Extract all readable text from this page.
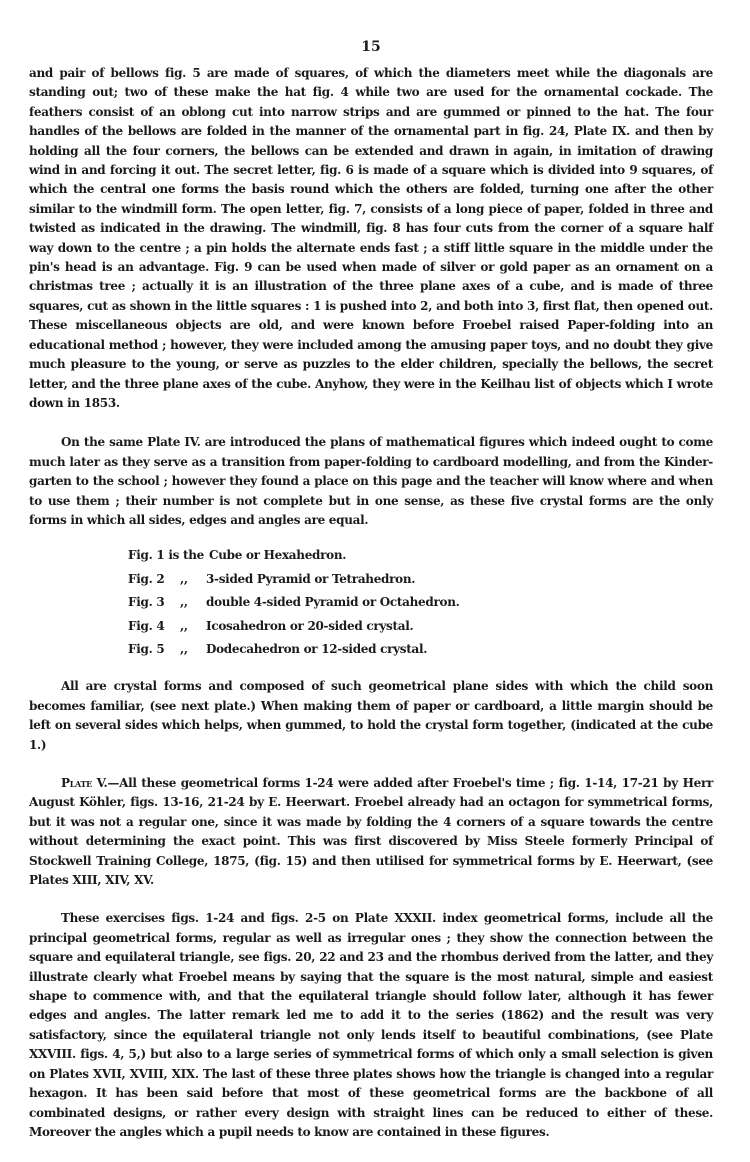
15

and pair of bellows fig. 5 are made of squares, of which the diameters meet while the diagonals are standing out; two of these make the hat fig. 4 while two are used for the ornamental cockade. The feathers consist of an oblong cut into narrow strips and are gummed or pinned to the hat. The four handles of the bellows are folded in the manner of the ornamental part in fig. 24, Plate IX. and then by holding all the four corners, the bellows can be extended and drawn in again, in imitation of drawing wind in and forcing it out. The secret letter, fig. 6 is made of a square which is divided into 9 squares, of which the central one forms the basis round which the others are folded, turning one after the other similar to the windmill form. The open letter, fig. 7, consists of a long piece of paper, folded in three and twisted as indicated in the drawing. The windmill, fig. 8 has four cuts from the corner of a square half way down to the centre ; a pin holds the alternate ends fast ; a stiff little square in the middle under the pin's head is an advantage. Fig. 9 can be used when made of silver or gold paper as an ornament on a christmas tree ; actually it is an illustration of the three plane axes of a cube, and is made of three squares, cut as shown in the little squares : 1 is pushed into 2, and both into 3, first flat, then opened out. These miscellaneous objects are old, and were known before Froebel raised Paper-folding into an educational method ; however, they were included among the amusing paper toys, and no doubt they give much pleasure to the young, or serve as puzzles to the elder children, specially the bellows, the secret letter, and the three plane axes of the cube. Anyhow, they were in the Keilhau list of objects which I wrote down in 1853.

On the same Plate IV. are introduced the plans of mathematical figures which indeed ought to come much later as they serve as a transition from paper-folding to cardboard modelling, and from the Kinder-garten to the school ; however they found a place on this page and the teacher will know where and when to use them ; their number is not complete but in one sense, as these five crystal forms are the only forms in which all sides, edges and angles are equal.

Fig. 1 is the Cube or Hexahedron.
Fig. 2	,,	3-sided Pyramid or Tetrahedron.
Fig. 3	,,	double 4-sided Pyramid or Octahedron.
Fig. 4	,,	Icosahedron or 20-sided crystal.
Fig. 5	,,	Dodecahedron or 12-sided crystal.

All are crystal forms and composed of such geometrical plane sides with which the child soon becomes familiar, (see next plate.) When making them of paper or cardboard, a little margin should be left on several sides which helps, when gummed, to hold the crystal form together, (indicated at the cube 1.)

Plate V.—All these geometrical forms 1-24 were added after Froebel's time ; fig. 1-14, 17-21 by Herr August Köhler, figs. 13-16, 21-24 by E. Heerwart. Froebel already had an octagon for symmetrical forms, but it was not a regular one, since it was made by folding the 4 corners of a square towards the centre without determining the exact point. This was first discovered by Miss Steele formerly Principal of Stockwell Training College, 1875, (fig. 15) and then utilised for symmetrical forms by E. Heerwart, (see Plates XIII, XIV, XV.

These exercises figs. 1-24 and figs. 2-5 on Plate XXXII. index geometrical forms, include all the principal geometrical forms, regular as well as irregular ones ; they show the connection between the square and equilateral triangle, see figs. 20, 22 and 23 and the rhombus derived from the latter, and they illustrate clearly what Froebel means by saying that the square is the most natural, simple and easiest shape to commence with, and that the equilateral triangle should follow later, although it has fewer edges and angles. The latter remark led me to add it to the series (1862) and the result was very satisfactory, since the equilateral triangle not only lends itself to beautiful combinations, (see Plate XXVIII. figs. 4, 5,) but also to a large series of symmetrical forms of which only a small selection is given on Plates XVII, XVIII, XIX. The last of these three plates shows how the triangle is changed into a regular hexagon. It has been said before that most of these geometrical forms are the backbone of all combinated designs, or rather every design with straight lines can be reduced to either of these. Moreover the angles which a pupil needs to know are contained in these figures.
